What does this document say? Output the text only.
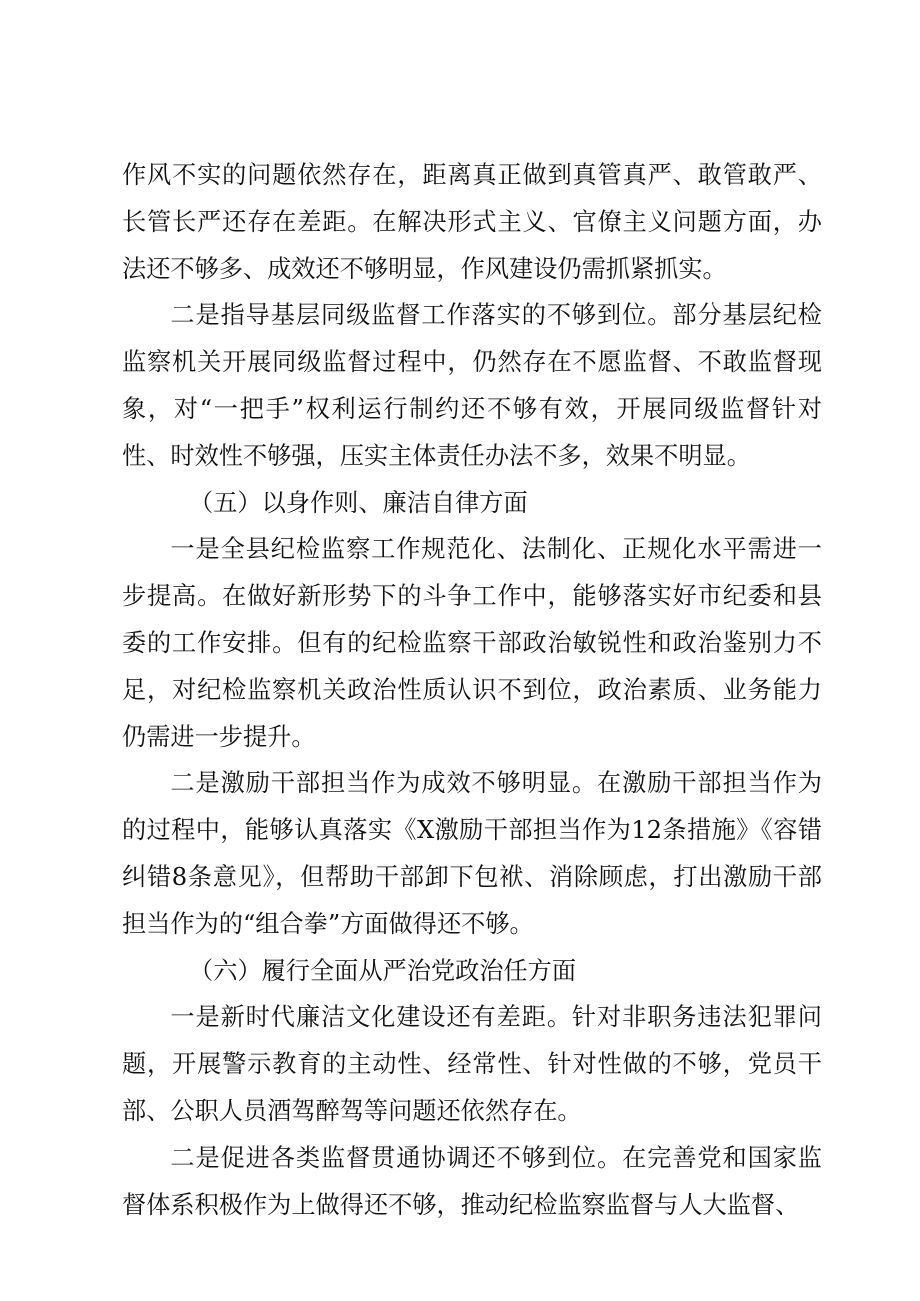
作风不实的问题依然存在，距离真正做到真管真严、敢管敢严、长管长严还存在差距。在解决形式主义、官僚主义问题方面，办法还不够多、成效还不够明显，作风建设仍需抓紧抓实。

二是指导基层同级监督工作落实的不够到位。部分基层纪检监察机关开展同级监督过程中，仍然存在不愿监督、不敢监督现象，对“一把手”权利运行制约还不够有效，开展同级监督针对性、时效性不够强，压实主体责任办法不多，效果不明显。

（五）以身作则、廉洁自律方面

一是全县纪检监察工作规范化、法制化、正规化水平需进一步提高。在做好新形势下的斗争工作中，能够落实好市纪委和县委的工作安排。但有的纪检监察干部政治敏锐性和政治鉴别力不足，对纪检监察机关政治性质认识不到位，政治素质、业务能力仍需进一步提升。

二是激励干部担当作为成效不够明显。在激励干部担当作为的过程中，能够认真落实《X激励干部担当作为12条措施》《容错纠错8条意见》，但帮助干部卸下包袱、消除顾虑，打出激励干部担当作为的“组合拳”方面做得还不够。

（六）履行全面从严治党政治任方面

一是新时代廉洁文化建设还有差距。针对非职务违法犯罪问题，开展警示教育的主动性、经常性、针对性做的不够，党员干部、公职人员酒驾醉驾等问题还依然存在。

二是促进各类监督贯通协调还不够到位。在完善党和国家监督体系积极作为上做得还不够，推动纪检监察监督与人大监督、
